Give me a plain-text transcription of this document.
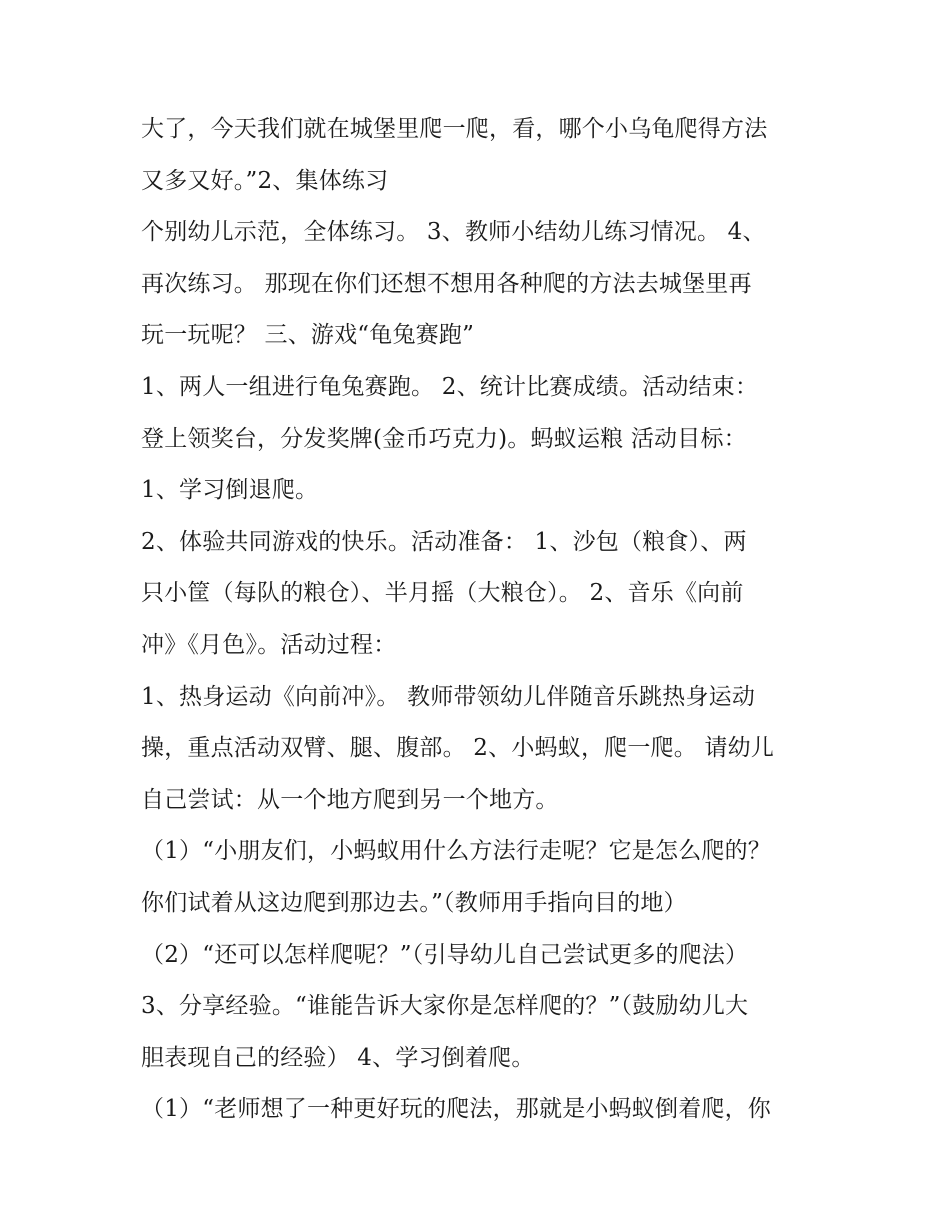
大了，今天我们就在城堡里爬一爬，看，哪个小乌龟爬得方法
又多又好。”2、集体练习
个别幼儿示范，全体练习。 3、教师小结幼儿练习情况。 4、
再次练习。 那现在你们还想不想用各种爬的方法去城堡里再
玩一玩呢？ 三、游戏“龟兔赛跑”
1、两人一组进行龟兔赛跑。 2、统计比赛成绩。活动结束：
登上领奖台，分发奖牌(金币巧克力)。蚂蚁运粮 活动目标：
1、学习倒退爬。
2、体验共同游戏的快乐。活动准备： 1、沙包（粮食）、两
只小筐（每队的粮仓）、半月摇（大粮仓）。 2、音乐《向前
冲》《月色》。活动过程：
1、热身运动《向前冲》。 教师带领幼儿伴随音乐跳热身运动
操，重点活动双臂、腿、腹部。 2、小蚂蚁，爬一爬。 请幼儿
自己尝试：从一个地方爬到另一个地方。
（1）“小朋友们，小蚂蚁用什么方法行走呢？它是怎么爬的？
你们试着从这边爬到那边去。”（教师用手指向目的地）
（2）“还可以怎样爬呢？”（引导幼儿自己尝试更多的爬法）
3、分享经验。“谁能告诉大家你是怎样爬的？”（鼓励幼儿大
胆表现自己的经验） 4、学习倒着爬。
（1）“老师想了一种更好玩的爬法，那就是小蚂蚁倒着爬，你
